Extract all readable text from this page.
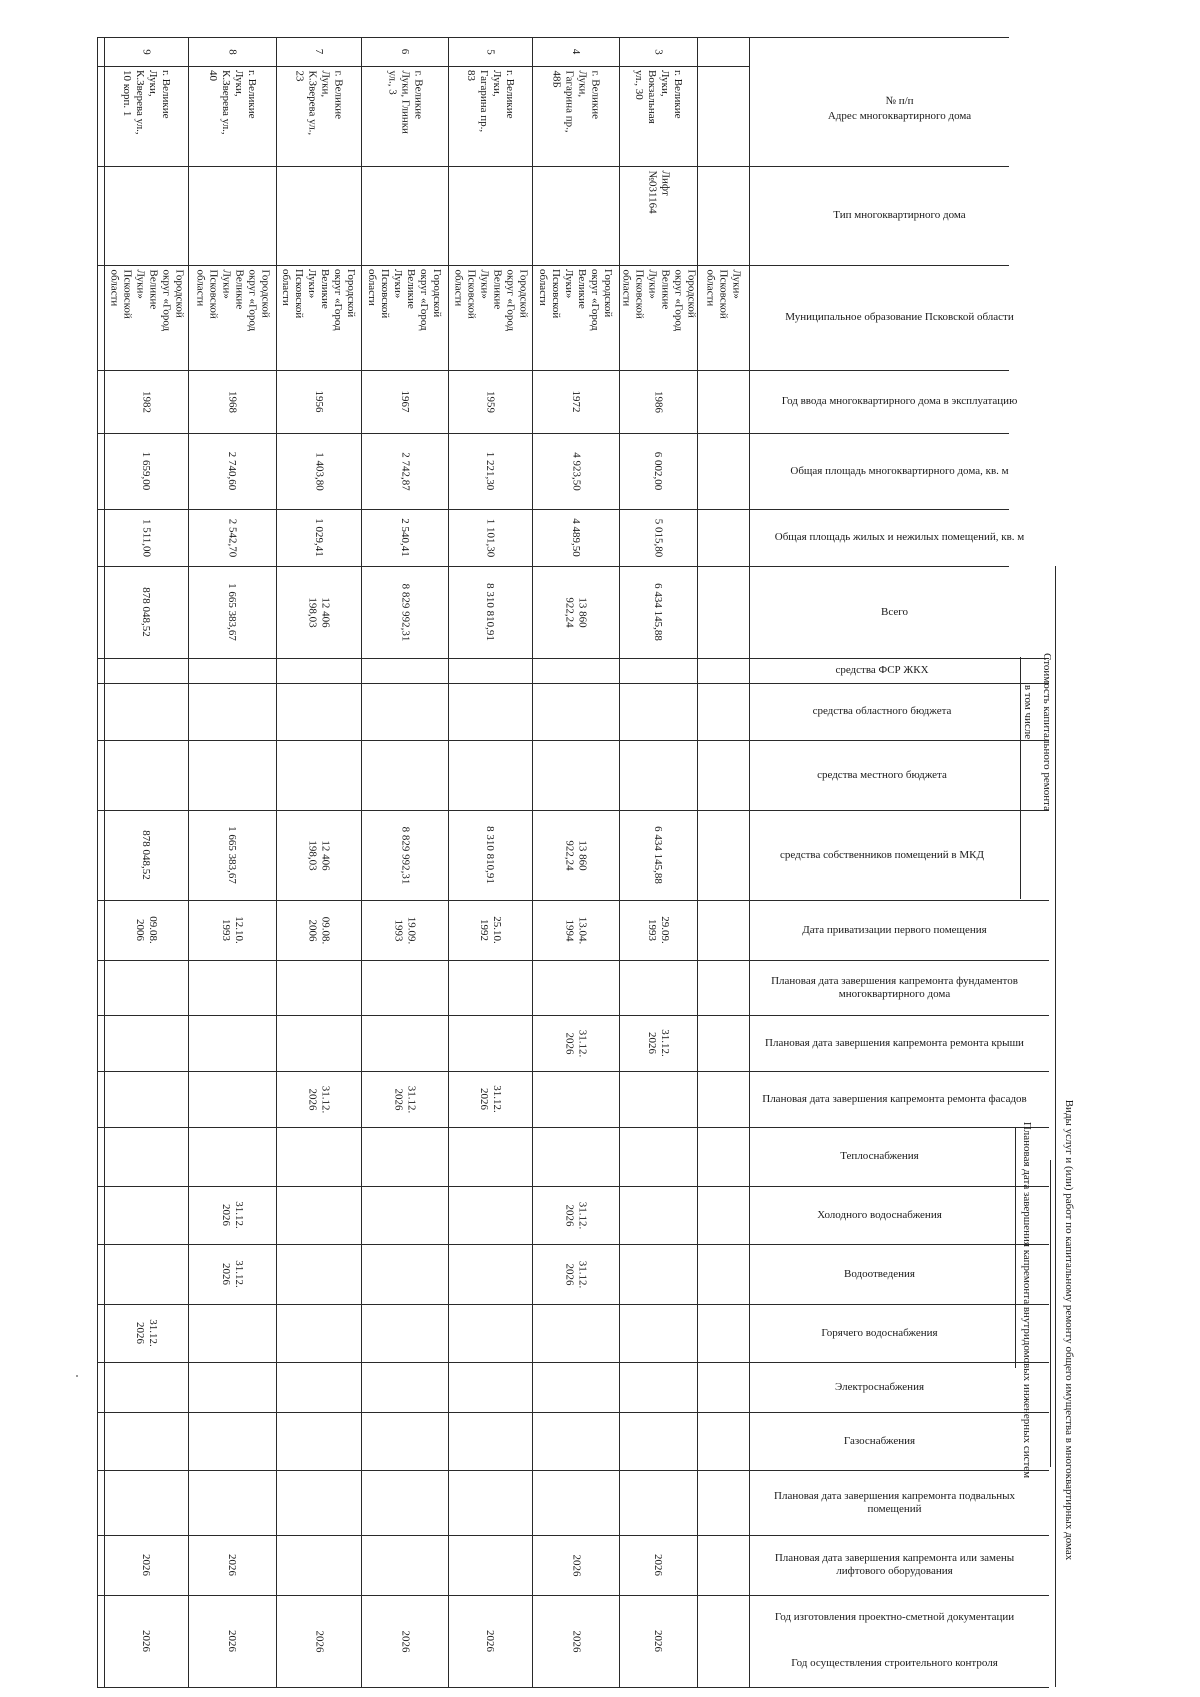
№ п/п
Адрес многоквартирного дома
Тип многоквартирного дома
Муниципальное образование Псковской области
Год ввода многоквартирного дома в эксплуатацию
Общая площадь многоквартирного дома, кв. м
Общая площадь жилых и нежилых помещений, кв. м
Всего
средства ФСР ЖКХ
средства областного бюджета
средства местного бюджета
средства собственников помещений в МКД
Дата приватизации первого помещения
Плановая дата завершения капремонта фундаментов многоквартирного дома
Плановая дата завершения капремонта ремонта крыши
Плановая дата завершения капремонта ремонта фасадов
Теплоснабжения
Холодного водоснабжения
Водоотведения
Горячего водоснабжения
Электроснабжения
Газоснабжения
Плановая дата завершения капремонта подвальных помещений
Плановая дата завершения капремонта или замены лифтового оборудования
Год изготовления проектно-сметной документации
Год осуществления строительного контроля
Стоимость капитального ремонта
в том числе
Виды услуг и (или) работ по капитальному ремонту общего имущества в многоквартирных домах
Плановая дата завершения капремонта внутридомовых инженерных систем
Луки»
Псковской
области
3
г. Великие
Луки,
Вокзальная
ул., 30
Лифт
№031164
Городской
округ «Город
Великие
Луки»
Псковской
области
1986
6 002,00
5 015,80
6 434 145,88
6 434 145,88
29.09.
1993
31.12.
2026
2026
2026
4
г. Великие
Луки,
Гагарина пр.,
48Б
Городской
округ «Город
Великие
Луки»
Псковской
области
1972
4 923,50
4 489,50
13 860
922,24
13 860
922,24
13.04.
1994
31.12.
2026
31.12.
2026
31.12.
2026
2026
2026
5
г. Великие
Луки,
Гагарина пр.,
83
Городской
округ «Город
Великие
Луки»
Псковской
области
1959
1 221,30
1 101,30
8 310 810,91
8 310 810,91
25.10.
1992
31.12.
2026
2026
6
г. Великие
Луки, Глинки
ул., 3
Городской
округ «Город
Великие
Луки»
Псковской
области
1967
2 742,87
2 540,41
8 829 992,31
8 829 992,31
19.09.
1993
31.12.
2026
2026
7
г. Великие
Луки,
К.Зверева ул.,
23
Городской
округ «Город
Великие
Луки»
Псковской
области
1956
1 403,80
1 029,41
12 406
198,03
12 406
198,03
09.08.
2006
31.12.
2026
2026
8
г. Великие
Луки,
К.Зверева ул.,
40
Городской
округ «Город
Великие
Луки»
Псковской
области
1968
2 740,60
2 542,70
1 665 383,67
1 665 383,67
12.10.
1993
31.12.
2026
31.12.
2026
2026
2026
9
г. Великие
Луки,
К.Зверева ул.,
10 корп. 1
Городской
округ «Город
Великие
Луки»
Псковской
области
1982
1 659,00
1 511,00
878 048,52
878 048,52
09.08.
2006
31.12.
2026
2026
2026
